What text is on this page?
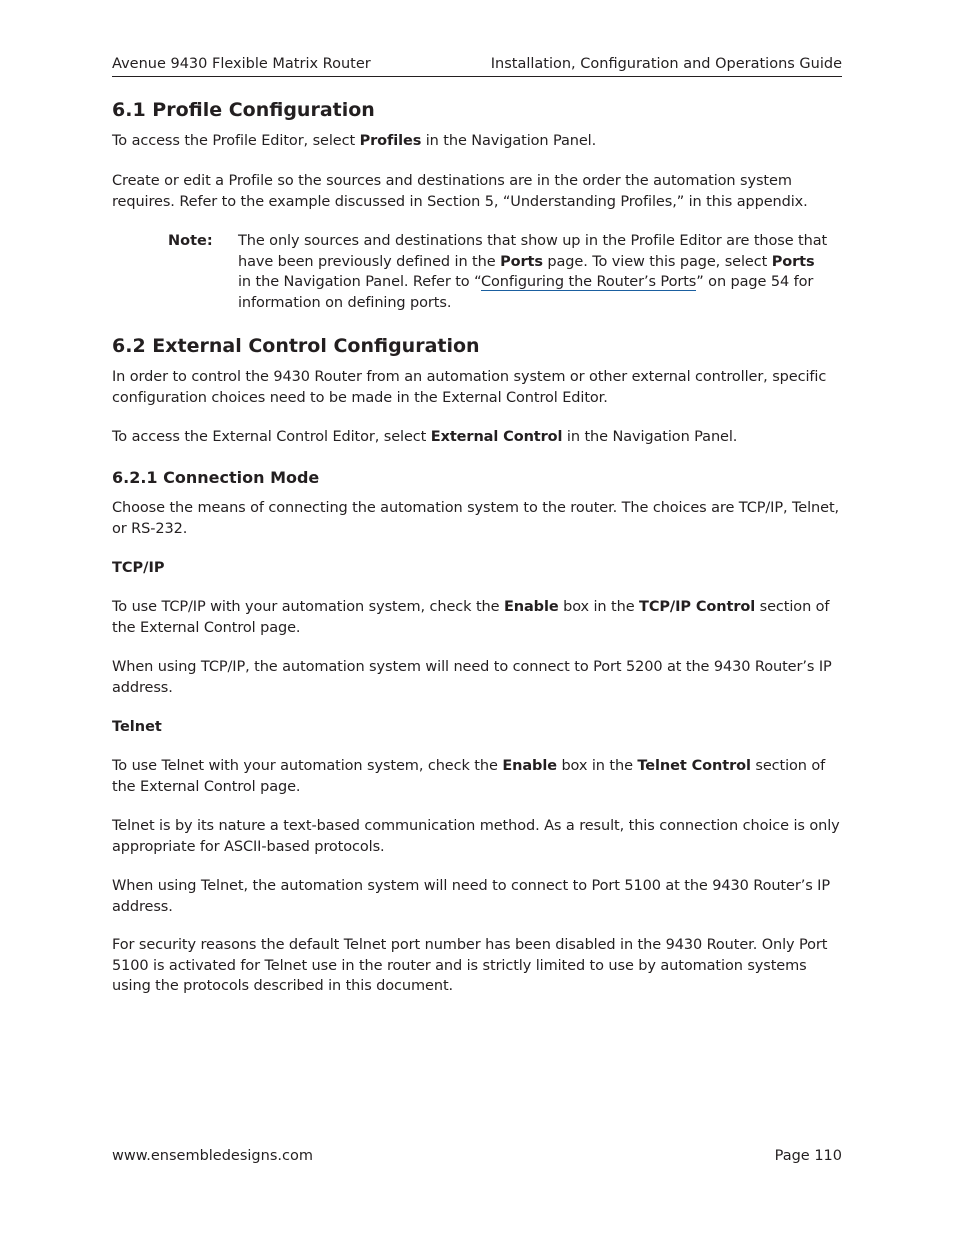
Avenue 9430 Flexible Matrix Router	Installation, Configuration and Operations Guide
6.1 Profile Configuration

To access the Profile Editor, select Profiles in the Navigation Panel.

Create or edit a Profile so the sources and destinations are in the order the automation system requires. Refer to the example discussed in Section 5, “Understanding Profiles,” in this appendix.

Note: The only sources and destinations that show up in the Profile Editor are those that have been previously defined in the Ports page. To view this page, select Ports in the Navigation Panel. Refer to “Configuring the Router’s Ports” on page 54 for information on defining ports.

6.2 External Control Configuration

In order to control the 9430 Router from an automation system or other external controller, specific configuration choices need to be made in the External Control Editor.

To access the External Control Editor, select External Control in the Navigation Panel.

6.2.1 Connection Mode

Choose the means of connecting the automation system to the router. The choices are TCP/IP, Telnet, or RS-232.

TCP/IP

To use TCP/IP with your automation system, check the Enable box in the TCP/IP Control section of the External Control page.

When using TCP/IP, the automation system will need to connect to Port 5200 at the 9430 Router’s IP address.

Telnet

To use Telnet with your automation system, check the Enable box in the Telnet Control section of the External Control page.

Telnet is by its nature a text-based communication method. As a result, this connection choice is only appropriate for ASCII-based protocols.

When using Telnet, the automation system will need to connect to Port 5100 at the 9430 Router’s IP address.

For security reasons the default Telnet port number has been disabled in the 9430 Router. Only Port 5100 is activated for Telnet use in the router and is strictly limited to use by automation systems using the protocols described in this document.

www.ensembledesigns.com	Page 110
